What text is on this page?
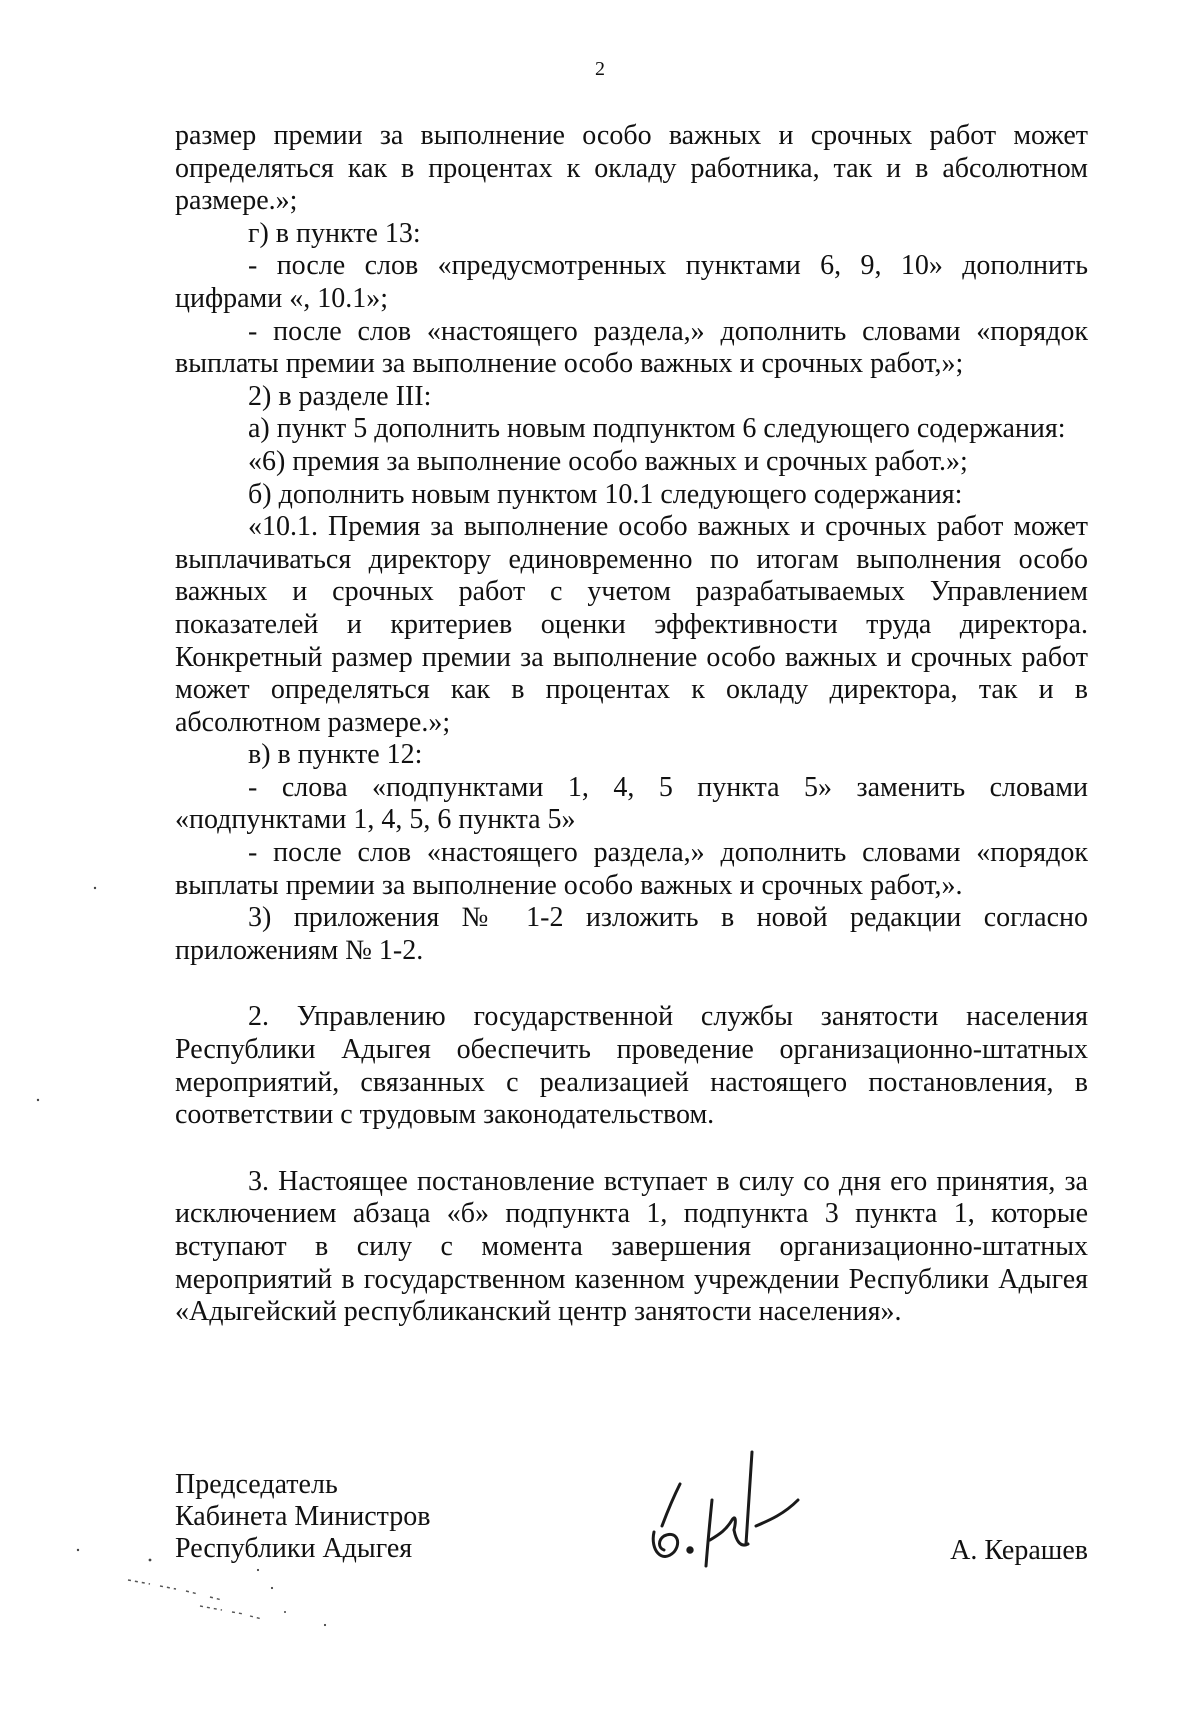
2

размер премии за выполнение особо важных и срочных работ может определяться как в процентах к окладу работника, так и в абсолютном размере.»;

г) в пункте 13:

- после слов «предусмотренных пунктами 6, 9, 10» дополнить цифрами «, 10.1»;

- после слов «настоящего раздела,» дополнить словами «порядок выплаты премии за выполнение особо важных и срочных работ,»;

2) в разделе III:

а) пункт 5 дополнить новым подпунктом 6 следующего содержания:

«6) премия за выполнение особо важных и срочных работ.»;

б) дополнить новым пунктом 10.1 следующего содержания:

«10.1. Премия за выполнение особо важных и срочных работ может выплачиваться директору единовременно по итогам выполнения особо важных и срочных работ с учетом разрабатываемых Управлением показателей и критериев оценки эффективности труда директора. Конкретный размер премии за выполнение особо важных и срочных работ может определяться как в процентах к окладу директора, так и в абсолютном размере.»;

в) в пункте 12:

- слова «подпунктами 1, 4, 5 пункта 5» заменить словами «подпунктами 1, 4, 5, 6 пункта 5»

- после слов «настоящего раздела,» дополнить словами «порядок выплаты премии за выполнение особо важных и срочных работ,».

3) приложения № 1-2 изложить в новой редакции согласно приложениям № 1-2.

2. Управлению государственной службы занятости населения Республики Адыгея обеспечить проведение организационно-штатных мероприятий, связанных с реализацией настоящего постановления, в соответствии с трудовым законодательством.

3. Настоящее постановление вступает в силу со дня его принятия, за исключением абзаца «б» подпункта 1, подпункта 3 пункта 1, которые вступают в силу с момента завершения организационно-штатных мероприятий в государственном казенном учреждении Республики Адыгея «Адыгейский республиканский центр занятости населения».

Председатель
Кабинета Министров
Республики Адыгея	А. Керашев
